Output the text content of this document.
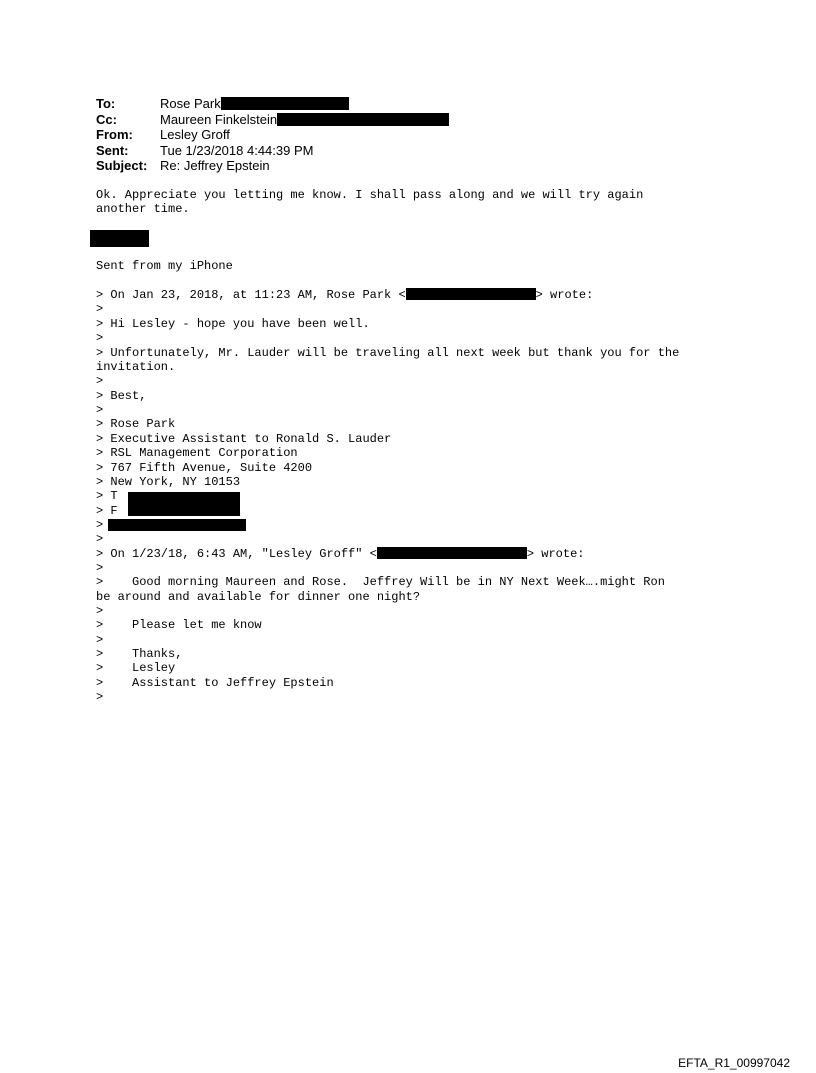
To:	Rose Park
Cc:	Maureen Finkelstein
From: Lesley Groff
Sent: Tue 1/23/2018 4:44:39 PM
Subject: Re: Jeffrey Epstein
Ok. Appreciate you letting me know. I shall pass along and we will try again
another time.
Sent from my iPhone
> On Jan 23, 2018, at 11:23 AM, Rose Park <	> wrote:
>
> Hi Lesley - hope you have been well.
>
> Unfortunately, Mr. Lauder will be traveling all next week but thank you for the
invitation.
>
> Best,
>
> Rose Park
> Executive Assistant to Ronald S. Lauder
> RSL Management Corporation
> 767 Fifth Avenue, Suite 4200
> New York, NY 10153
> T
> F
>
>
> On 1/23/18, 6:43 AM, "Lesley Groff" <	> wrote:
>
>    Good morning Maureen and Rose.  Jeffrey Will be in NY Next Week….might Ron
be around and available for dinner one night?
>
>    Please let me know
>
>    Thanks,
>    Lesley
>    Assistant to Jeffrey Epstein
>
EFTA_R1_00997042
